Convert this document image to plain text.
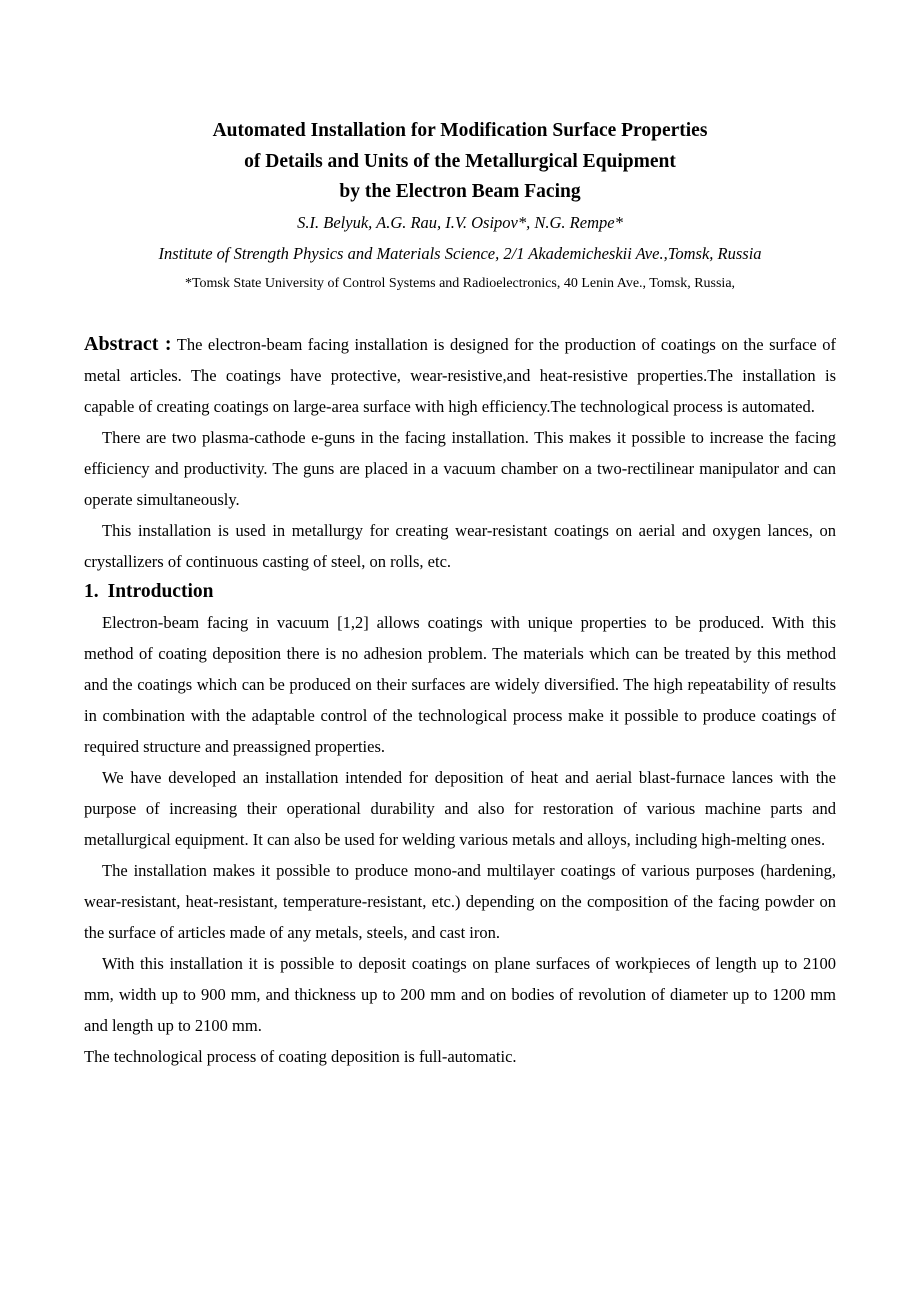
Automated Installation for Modification Surface Properties
of Details and Units of the Metallurgical Equipment
by the Electron Beam Facing

S.I. Belyuk, A.G. Rau, I.V. Osipov*, N.G. Rempe*

Institute of Strength Physics and Materials Science, 2/1 Akademicheskii Ave.,Tomsk, Russia

*Tomsk State University of Control Systems and Radioelectronics, 40 Lenin Ave., Tomsk, Russia,

Abstract : The electron-beam facing installation is designed for the production of coatings on the surface of metal articles. The coatings have protective, wear-resistive,and heat-resistive properties.The installation is capable of creating coatings on large-area surface with high efficiency.The technological process is automated.

There are two plasma-cathode e-guns in the facing installation. This makes it possible to increase the facing efficiency and productivity. The guns are placed in a vacuum chamber on a two-rectilinear manipulator and can operate simultaneously.

This installation is used in metallurgy for creating wear-resistant coatings on aerial and oxygen lances, on crystallizers of continuous casting of steel, on rolls, etc.

1. Introduction

Electron-beam facing in vacuum [1,2] allows coatings with unique properties to be produced. With this method of coating deposition there is no adhesion problem. The materials which can be treated by this method and the coatings which can be produced on their surfaces are widely diversified. The high repeatability of results in combination with the adaptable control of the technological process make it possible to produce coatings of required structure and preassigned properties.

We have developed an installation intended for deposition of heat and aerial blast-furnace lances with the purpose of increasing their operational durability and also for restoration of various machine parts and metallurgical equipment. It can also be used for welding various metals and alloys, including high-melting ones.

The installation makes it possible to produce mono-and multilayer coatings of various purposes (hardening, wear-resistant, heat-resistant, temperature-resistant, etc.) depending on the composition of the facing powder on the surface of articles made of any metals, steels, and cast iron.

With this installation it is possible to deposit coatings on plane surfaces of workpieces of length up to 2100 mm, width up to 900 mm, and thickness up to 200 mm and on bodies of revolution of diameter up to 1200 mm and length up to 2100 mm.

The technological process of coating deposition is full-automatic.
